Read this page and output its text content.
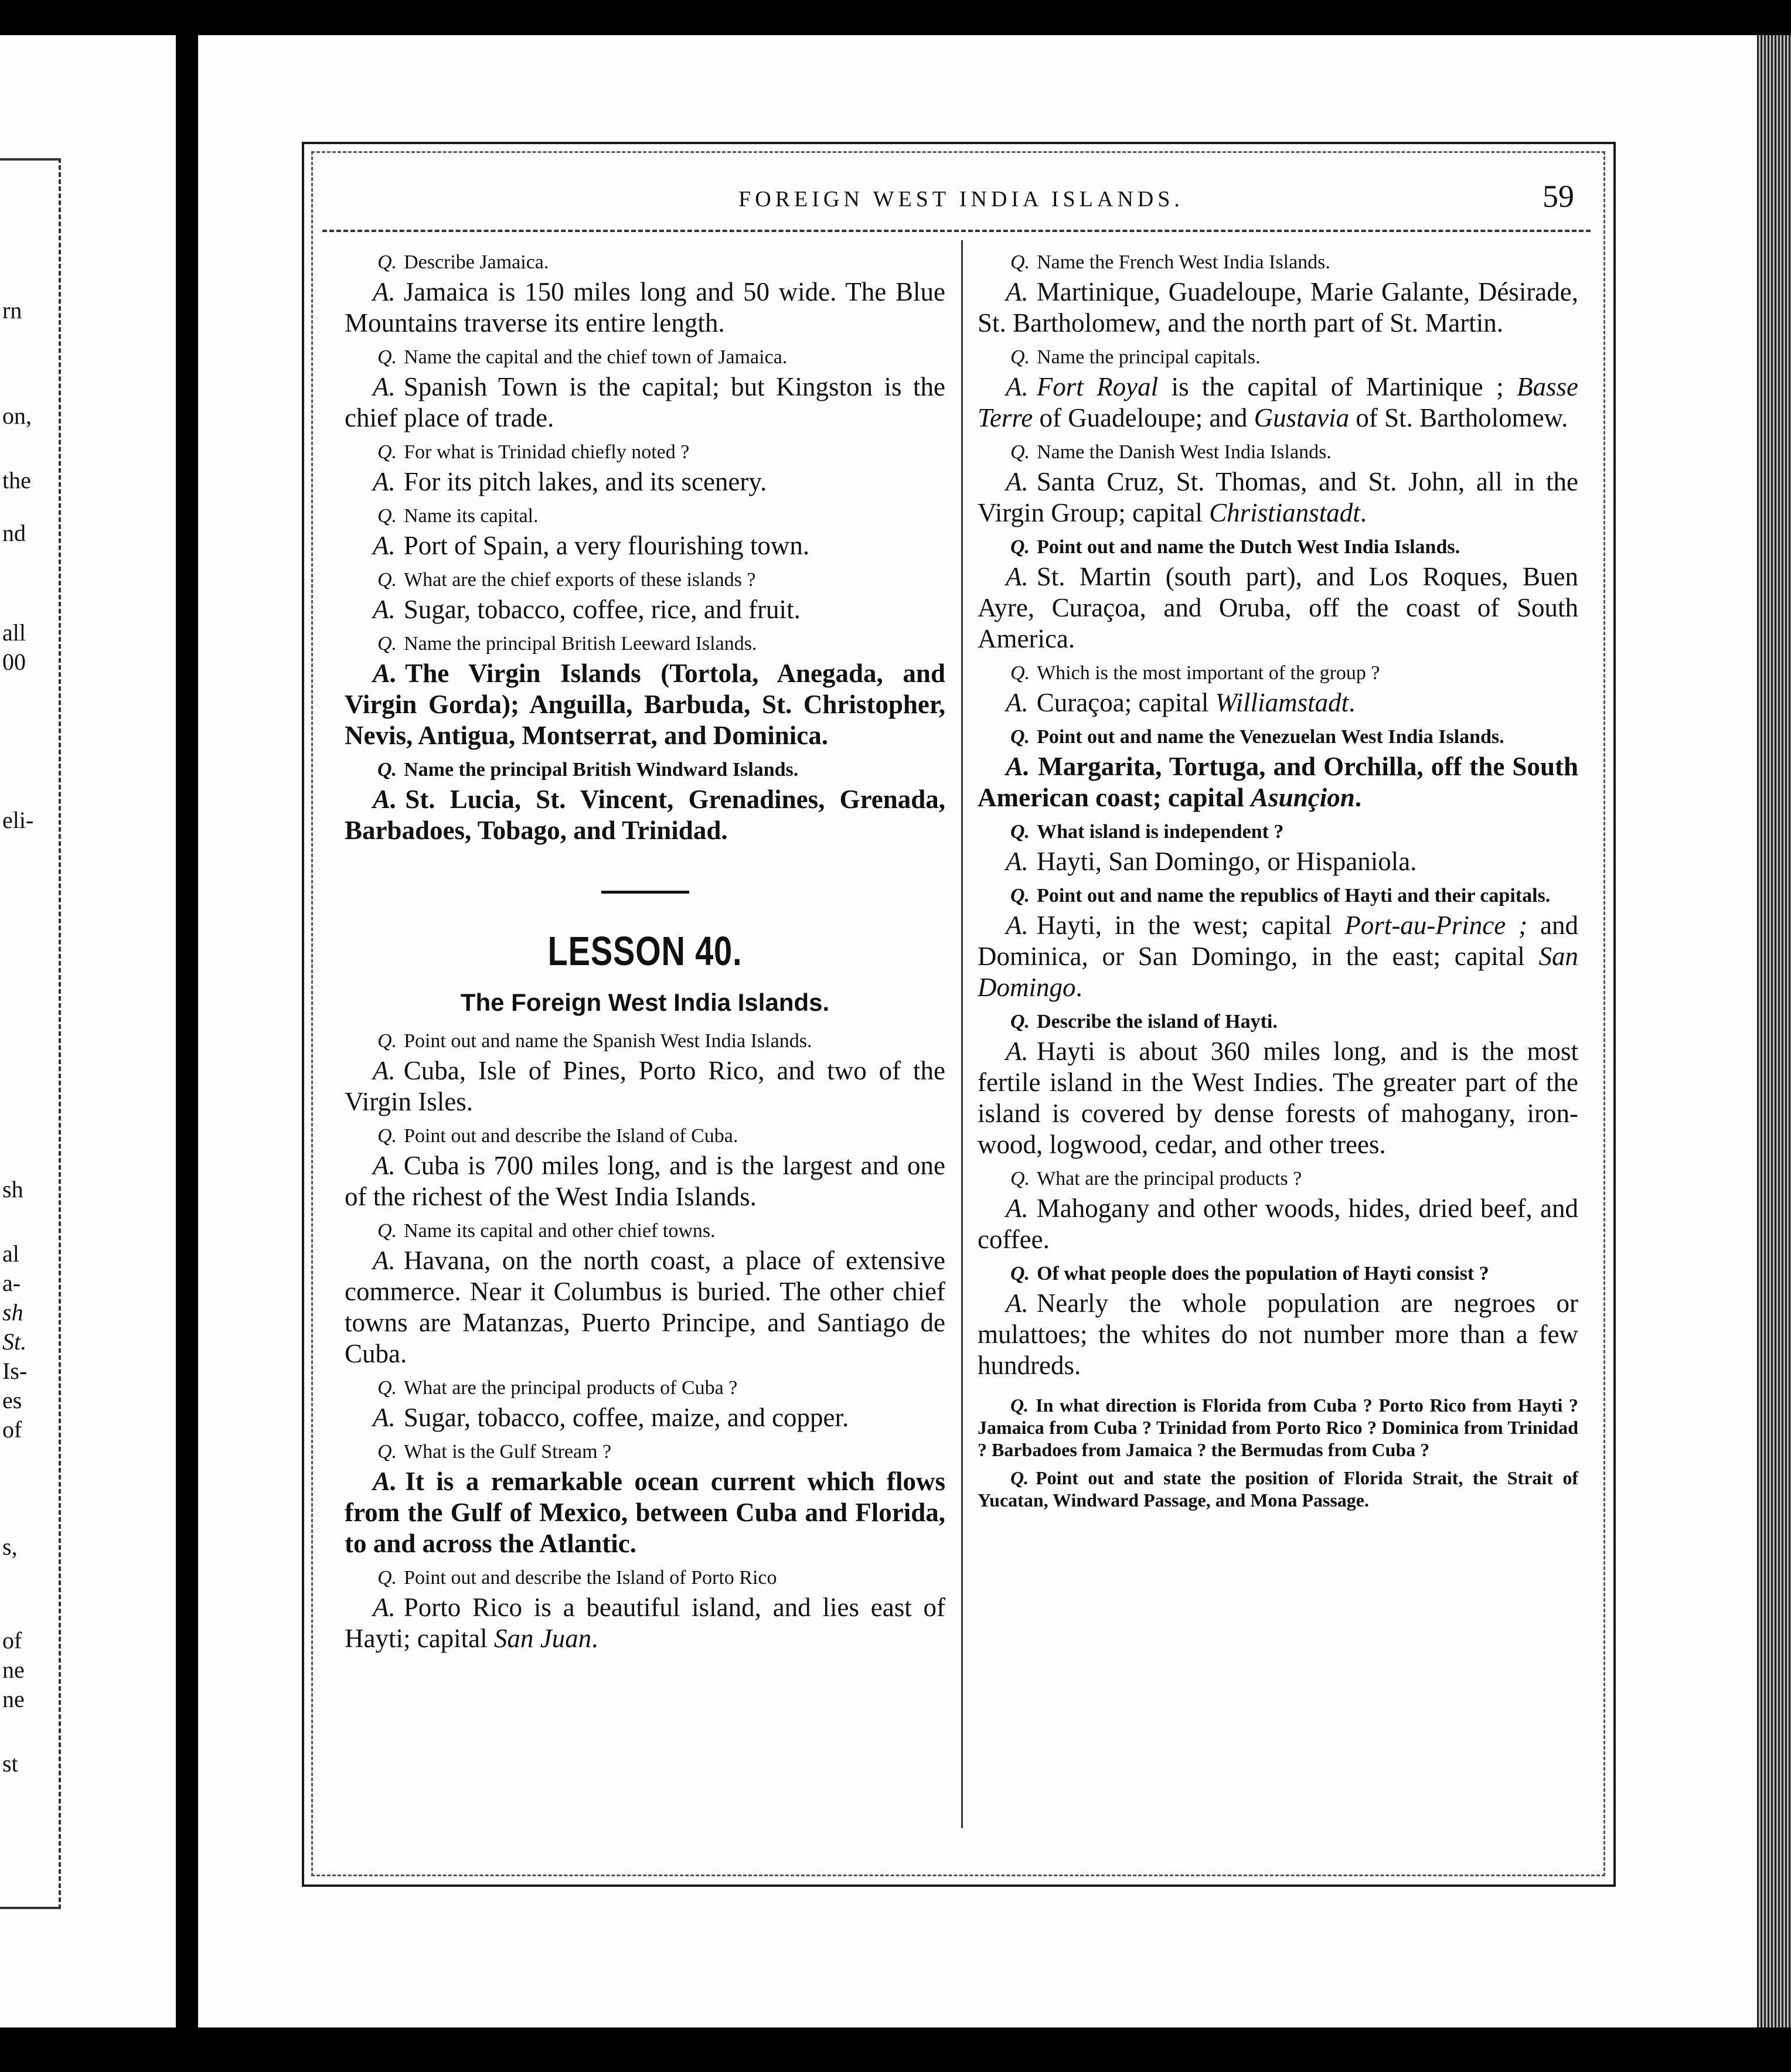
rn
on,
the
nd
all
00
eli-
sh
al
a-
sh
St.
Is-
es
of
s,
of
ne
ne
st
FOREIGN WEST INDIA ISLANDS.	59

Q. Describe Jamaica.

A. Jamaica is 150 miles long and 50 wide. The Blue Mountains traverse its entire length.

Q. Name the capital and the chief town of Jamaica.

A. Spanish Town is the capital; but Kingston is the chief place of trade.

Q. For what is Trinidad chiefly noted ?

A. For its pitch lakes, and its scenery.

Q. Name its capital.

A. Port of Spain, a very flourishing town.

Q. What are the chief exports of these islands ?

A. Sugar, tobacco, coffee, rice, and fruit.

Q. Name the principal British Leeward Islands.

A. The Virgin Islands (Tortola, Anegada, and Virgin Gorda); Anguilla, Barbuda, St. Christopher, Nevis, Antigua, Montserrat, and Dominica.

Q. Name the principal British Windward Islands.

A. St. Lucia, St. Vincent, Grenadines, Grenada, Barbadoes, Tobago, and Trinidad.

LESSON 40.
The Foreign West India Islands.

Q. Point out and name the Spanish West India Islands.

A. Cuba, Isle of Pines, Porto Rico, and two of the Virgin Isles.

Q. Point out and describe the Island of Cuba.

A. Cuba is 700 miles long, and is the largest and one of the richest of the West India Islands.

Q. Name its capital and other chief towns.

A. Havana, on the north coast, a place of extensive commerce. Near it Columbus is buried. The other chief towns are Matanzas, Puerto Principe, and Santiago de Cuba.

Q. What are the principal products of Cuba ?

A. Sugar, tobacco, coffee, maize, and copper.

Q. What is the Gulf Stream ?

A. It is a remarkable ocean current which flows from the Gulf of Mexico, between Cuba and Florida, to and across the Atlantic.

Q. Point out and describe the Island of Porto Rico

A. Porto Rico is a beautiful island, and lies east of Hayti; capital San Juan.

Q. Name the French West India Islands.

A. Martinique, Guadeloupe, Marie Galante, Désirade, St. Bartholomew, and the north part of St. Martin.

Q. Name the principal capitals.

A. Fort Royal is the capital of Martinique ; Basse Terre of Guadeloupe; and Gustavia of St. Bartholomew.

Q. Name the Danish West India Islands.

A. Santa Cruz, St. Thomas, and St. John, all in the Virgin Group; capital Christianstadt.

Q. Point out and name the Dutch West India Islands.

A. St. Martin (south part), and Los Roques, Buen Ayre, Curaçoa, and Oruba, off the coast of South America.

Q. Which is the most important of the group ?

A. Curaçoa; capital Williamstadt.

Q. Point out and name the Venezuelan West India Islands.

A. Margarita, Tortuga, and Orchilla, off the South American coast; capital Asunçion.

Q. What island is independent ?

A. Hayti, San Domingo, or Hispaniola.

Q. Point out and name the republics of Hayti and their capitals.

A. Hayti, in the west; capital Port-au-Prince ; and Dominica, or San Domingo, in the east; capital San Domingo.

Q. Describe the island of Hayti.

A. Hayti is about 360 miles long, and is the most fertile island in the West Indies. The greater part of the island is covered by dense forests of mahogany, iron-wood, logwood, cedar, and other trees.

Q. What are the principal products ?

A. Mahogany and other woods, hides, dried beef, and coffee.

Q. Of what people does the population of Hayti consist ?

A. Nearly the whole population are negroes or mulattoes; the whites do not number more than a few hundreds.

Q. In what direction is Florida from Cuba ? Porto Rico from Hayti ? Jamaica from Cuba ? Trinidad from Porto Rico ? Dominica from Trinidad ? Barbadoes from Jamaica ? the Bermudas from Cuba ?

Q. Point out and state the position of Florida Strait, the Strait of Yucatan, Windward Passage, and Mona Passage.
